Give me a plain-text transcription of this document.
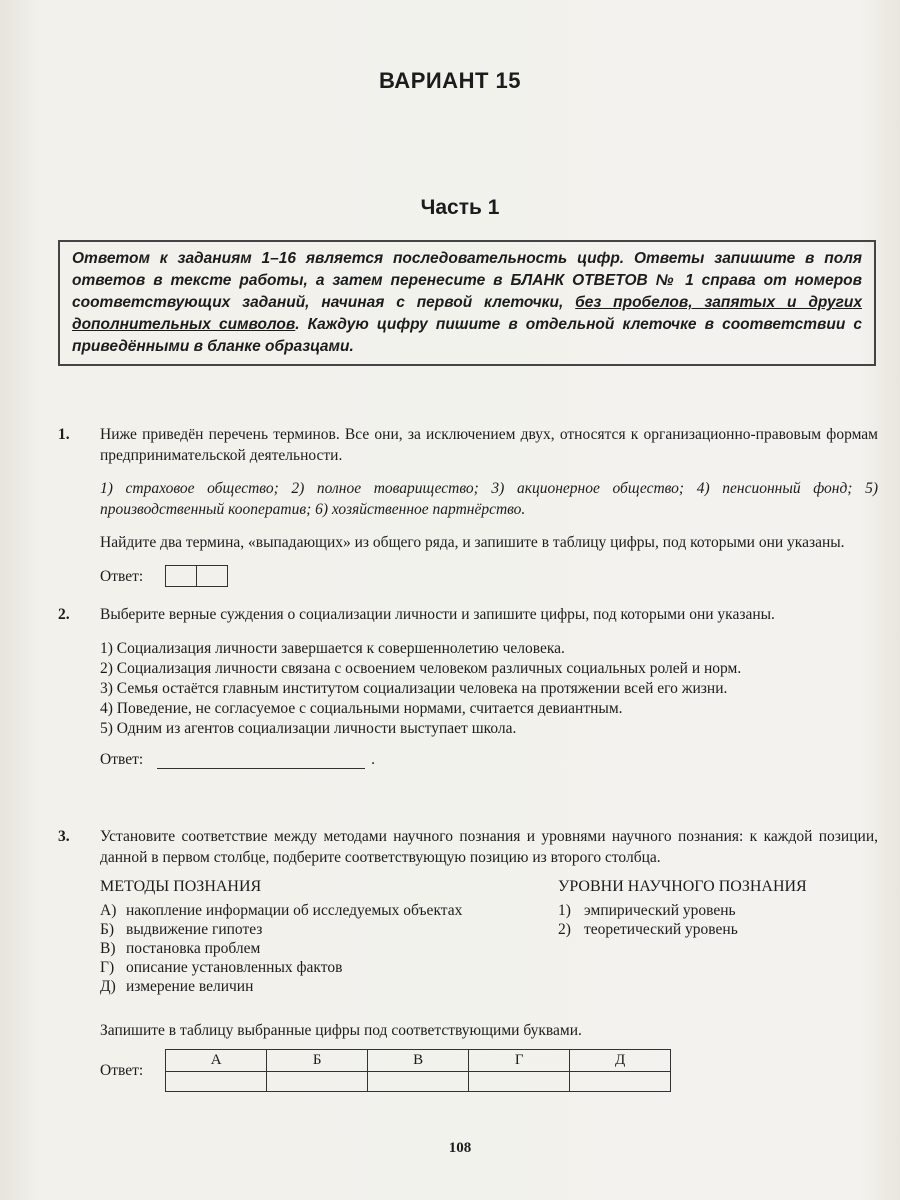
ВАРИАНТ 15
Часть 1
Ответом к заданиям 1–16 является последовательность цифр. Ответы запишите в поля ответов в тексте работы, а затем перенесите в БЛАНК ОТВЕТОВ № 1 справа от номеров соответствующих заданий, начиная с первой клеточки, без пробелов, запятых и других дополнительных символов. Каждую цифру пишите в отдельной клеточке в соответствии с приведёнными в бланке образцами.
1. Ниже приведён перечень терминов. Все они, за исключением двух, относятся к организационно-правовым формам предпринимательской деятельности.

1) страховое общество; 2) полное товарищество; 3) акционерное общество; 4) пенсионный фонд; 5) производственный кооператив; 6) хозяйственное партнёрство.

Найдите два термина, «выпадающих» из общего ряда, и запишите в таблицу цифры, под которыми они указаны.

Ответ:
2. Выберите верные суждения о социализации личности и запишите цифры, под которыми они указаны.

1) Социализация личности завершается к совершеннолетию человека.

2) Социализация личности связана с освоением человеком различных социальных ролей и норм.

3) Семья остаётся главным институтом социализации человека на протяжении всей его жизни.

4) Поведение, не согласуемое с социальными нормами, считается девиантным.

5) Одним из агентов социализации личности выступает школа.

Ответ:	.
3. Установите соответствие между методами научного познания и уровнями научного познания: к каждой позиции, данной в первом столбце, подберите соответствующую позицию из второго столбца.

МЕТОДЫ ПОЗНАНИЯ
А) накопление информации об исследуемых объектах
Б) выдвижение гипотез
В) постановка проблем
Г) описание установленных фактов
Д) измерение величин
УРОВНИ НАУЧНОГО ПОЗНАНИЯ
1) эмпирический уровень
2) теоретический уровень

Запишите в таблицу выбранные цифры под соответствующими буквами.

Ответ:
А	Б	В	Г	Д

108
